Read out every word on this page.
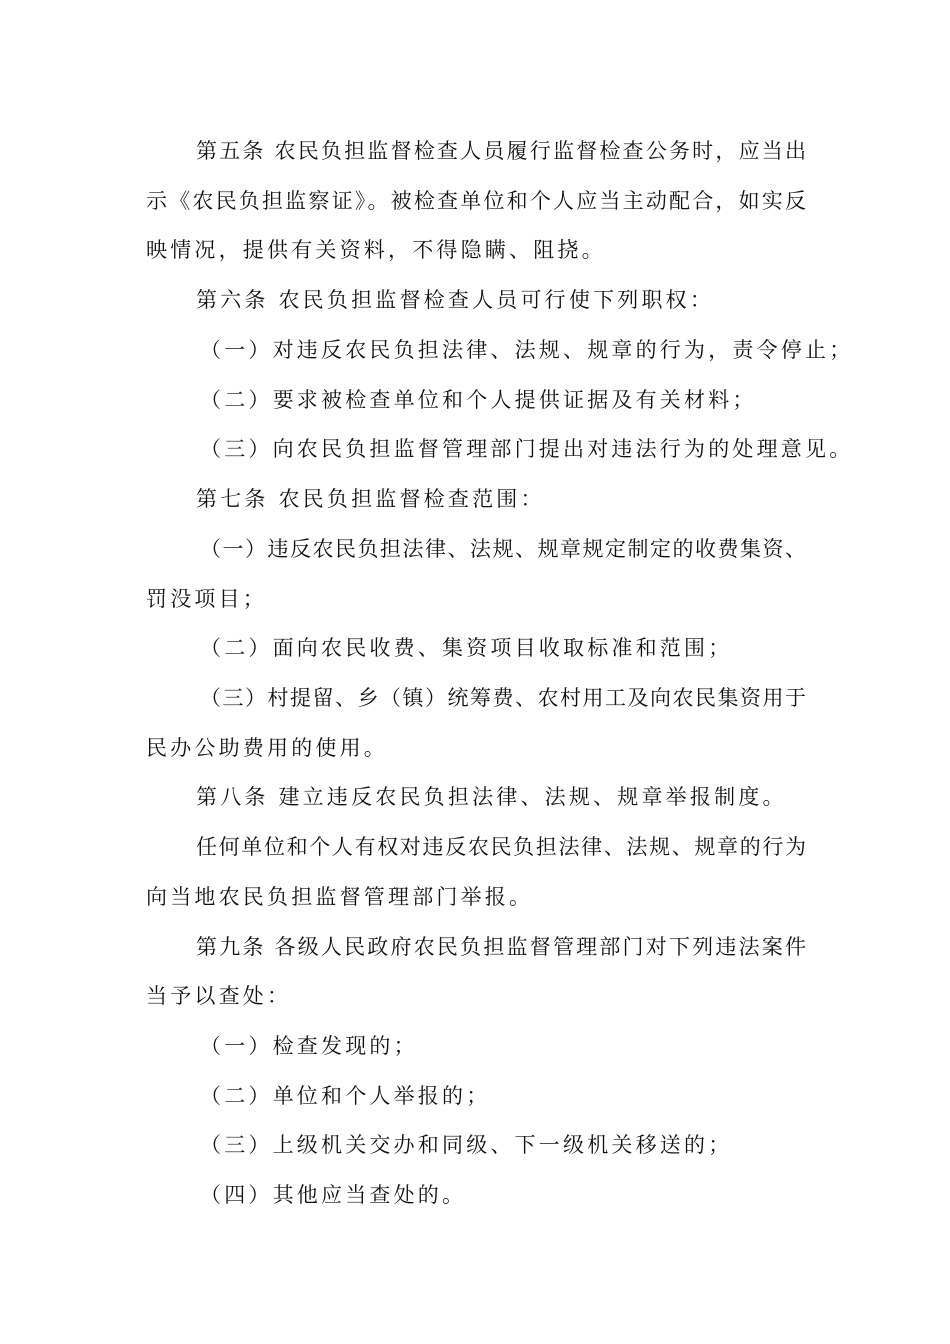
第五条 农民负担监督检查人员履行监督检查公务时，应当出
示《农民负担监察证》。被检查单位和个人应当主动配合，如实反
映情况，提供有关资料，不得隐瞒、阻挠。
第六条 农民负担监督检查人员可行使下列职权：
（一）对违反农民负担法律、法规、规章的行为，责令停止；
（二）要求被检查单位和个人提供证据及有关材料；
（三）向农民负担监督管理部门提出对违法行为的处理意见。
第七条 农民负担监督检查范围：
（一）违反农民负担法律、法规、规章规定制定的收费集资、
罚没项目；
（二）面向农民收费、集资项目收取标准和范围；
（三）村提留、乡（镇）统筹费、农村用工及向农民集资用于
民办公助费用的使用。
第八条 建立违反农民负担法律、法规、规章举报制度。
任何单位和个人有权对违反农民负担法律、法规、规章的行为
向当地农民负担监督管理部门举报。
第九条 各级人民政府农民负担监督管理部门对下列违法案件
当予以查处：
（一）检查发现的；
（二）单位和个人举报的；
（三）上级机关交办和同级、下一级机关移送的；
（四）其他应当查处的。
